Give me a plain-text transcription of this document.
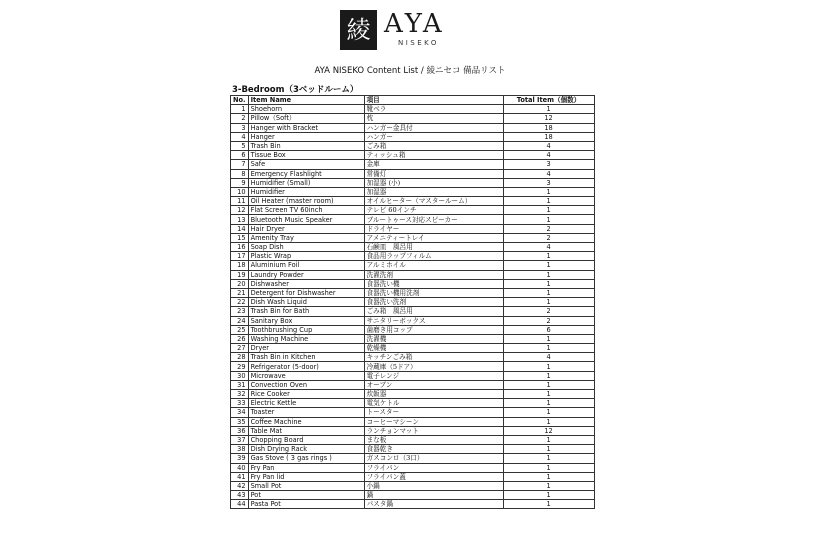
綾 AYA
NISEKO
AYA NISEKO Content List / 綾ニセコ 備品リスト
3-Bedroom（3ベッドルーム）
No.	Item Name	項目	Total Item（個数）
1	Shoehorn	靴ベラ	1
2	Pillow（Soft）	枕	12
3	Hanger with Bracket	ハンガー金具付	18
4	Hanger	ハンガー	18
5	Trash Bin	ごみ箱	4
6	Tissue Box	ティッシュ箱	4
7	Safe	金庫	3
8	Emergency Flashlight	常備灯	4
9	Humidifier (Small)	加湿器 (小)	3
10	Humidifier	加湿器	1
11	Oil Heater (master room)	オイルヒーター（マスタールーム）	1
12	Flat Screen TV 60inch	テレビ 60インチ	1
13	Bluetooth Music Speaker	ブルートゥース対応スピーカー	1
14	Hair Dryer	ドライヤー	2
15	Amenity Tray	アメニティートレイ	2
16	Soap Dish	石鹸皿　風呂用	4
17	Plastic Wrap	食品用ラップフィルム	1
18	Aluminium Foil	アルミホイル	1
19	Laundry Powder	洗濯洗剤	1
20	Dishwasher	食器洗い機	1
21	Detergent for Dishwasher	食器洗い機用洗剤	1
22	Dish Wash Liquid	食器洗い洗剤	1
23	Trash Bin for Bath	ごみ箱　風呂用	2
24	Sanitary Box	サニタリーボックス	2
25	Toothbrushing Cup	歯磨き用コップ	6
26	Washing Machine	洗濯機	1
27	Dryer	乾燥機	1
28	Trash Bin in Kitchen	キッチンごみ箱	4
29	Refrigerator (5-door)	冷蔵庫（5ドア）	1
30	Microwave	電子レンジ	1
31	Convection Oven	オーブン	1
32	Rice Cooker	炊飯器	1
33	Electric Kettle	電気ケトル	1
34	Toaster	トースター	1
35	Coffee Machine	コーヒーマシーン	1
36	Table Mat	ランチョンマット	12
37	Chopping Board	まな板	1
38	Dish Drying Rack	食器乾き	1
39	Gas Stove ( 3 gas rings )	ガスコンロ（3口）	1
40	Fry Pan	フライパン	1
41	Fry Pan lid	フライパン蓋	1
42	Small Pot	小鍋	1
43	Pot	鍋	1
44	Pasta Pot	パスタ鍋	1
